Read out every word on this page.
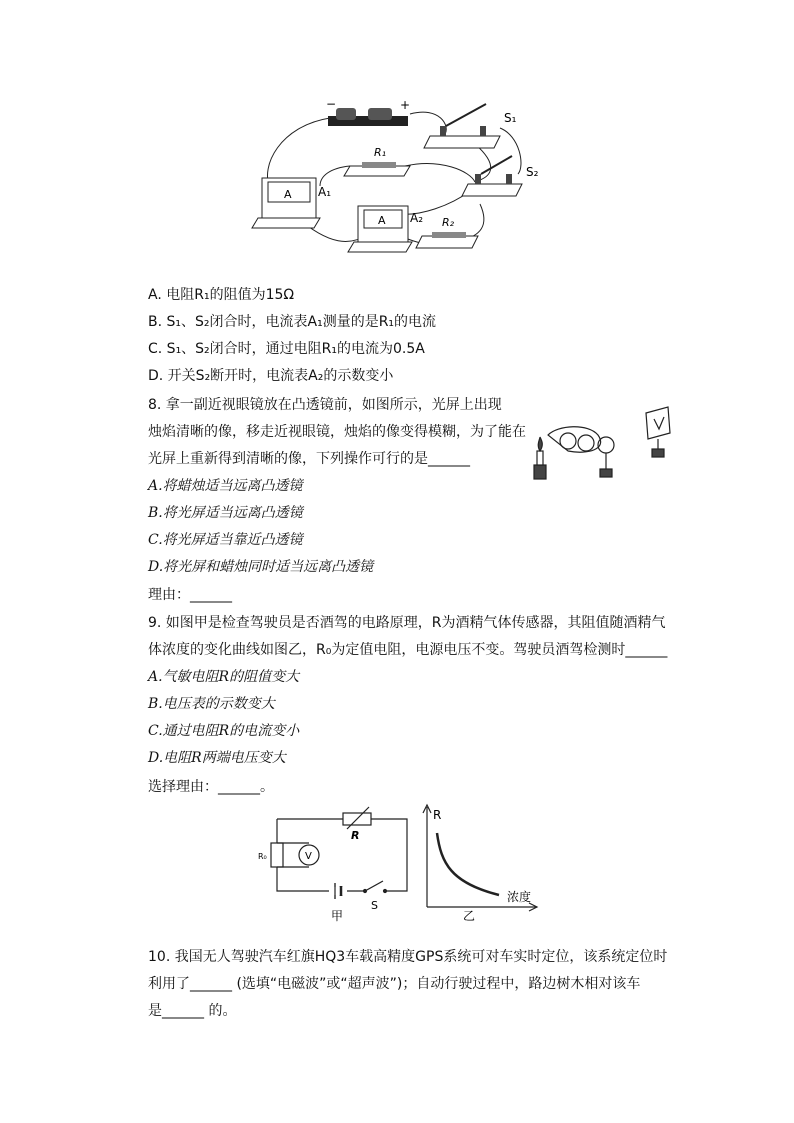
−	+
S₁
S₂
R₁
R₂
A A₁
A A₂
A. 电阻R₁的阻值为15Ω
B. S₁、S₂闭合时，电流表A₁测量的是R₁的电流
C. S₁、S₂闭合时，通过电阻R₁的电流为0.5A
D. 开关S₂断开时，电流表A₂的示数变小
8. 拿一副近视眼镜放在凸透镜前，如图所示，光屏上出现
烛焰清晰的像，移走近视眼镜，烛焰的像变得模糊，为了能在
光屏上重新得到清晰的像，下列操作可行的是______
A.将蜡烛适当远离凸透镜
B.将光屏适当远离凸透镜
C.将光屏适当靠近凸透镜
D.将光屏和蜡烛同时适当远离凸透镜
理由：______
9. 如图甲是检查驾驶员是否酒驾的电路原理，R为酒精气体传感器，其阻值随酒精气
体浓度的变化曲线如图乙，R₀为定值电阻，电源电压不变。驾驶员酒驾检测时______
A.气敏电阻R的阻值变大
B.电压表的示数变大
C.通过电阻R的电流变小
D.电阻R两端电压变大
选择理由：______。
R
R₀	V
S
甲
R
浓度
乙
10. 我国无人驾驶汽车红旗HQ3车载高精度GPS系统可对车实时定位，该系统定位时
利用了______ (选填“电磁波”或“超声波”)；自动行驶过程中，路边树木相对该车
是______ 的。
